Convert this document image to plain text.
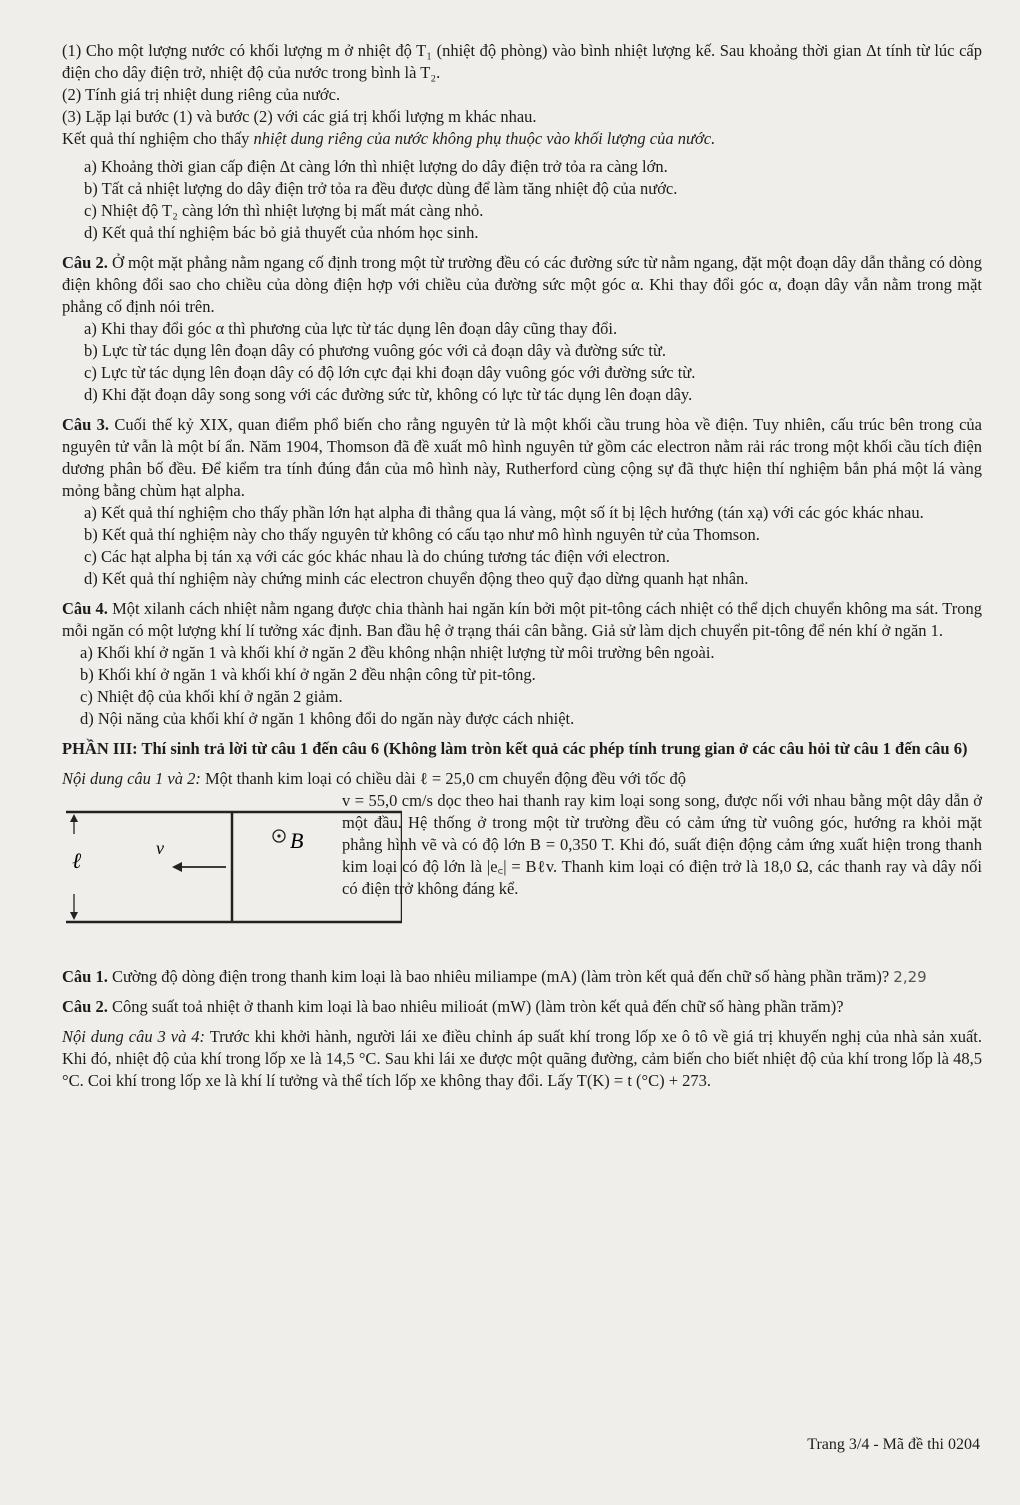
(1) Cho một lượng nước có khối lượng m ở nhiệt độ T₁ (nhiệt độ phòng) vào bình nhiệt lượng kế. Sau khoảng thời gian Δt tính từ lúc cấp điện cho dây điện trở, nhiệt độ của nước trong bình là T₂.

(2) Tính giá trị nhiệt dung riêng của nước.

(3) Lặp lại bước (1) và bước (2) với các giá trị khối lượng m khác nhau.

Kết quả thí nghiệm cho thấy nhiệt dung riêng của nước không phụ thuộc vào khối lượng của nước.

a) Khoảng thời gian cấp điện Δt càng lớn thì nhiệt lượng do dây điện trở tỏa ra càng lớn.

b) Tất cả nhiệt lượng do dây điện trở tỏa ra đều được dùng để làm tăng nhiệt độ của nước.

c) Nhiệt độ T₂ càng lớn thì nhiệt lượng bị mất mát càng nhỏ.

d) Kết quả thí nghiệm bác bỏ giả thuyết của nhóm học sinh.

Câu 2. Ở một mặt phẳng nằm ngang cố định trong một từ trường đều có các đường sức từ nằm ngang, đặt một đoạn dây dẫn thẳng có dòng điện không đổi sao cho chiều của dòng điện hợp với chiều của đường sức một góc α. Khi thay đổi góc α, đoạn dây vẫn nằm trong mặt phẳng cố định nói trên.

a) Khi thay đổi góc α thì phương của lực từ tác dụng lên đoạn dây cũng thay đổi.

b) Lực từ tác dụng lên đoạn dây có phương vuông góc với cả đoạn dây và đường sức từ.

c) Lực từ tác dụng lên đoạn dây có độ lớn cực đại khi đoạn dây vuông góc với đường sức từ.

d) Khi đặt đoạn dây song song với các đường sức từ, không có lực từ tác dụng lên đoạn dây.

Câu 3. Cuối thế kỷ XIX, quan điểm phổ biến cho rằng nguyên tử là một khối cầu trung hòa về điện. Tuy nhiên, cấu trúc bên trong của nguyên tử vẫn là một bí ẩn. Năm 1904, Thomson đã đề xuất mô hình nguyên tử gồm các electron nằm rải rác trong một khối cầu tích điện dương phân bố đều. Để kiểm tra tính đúng đắn của mô hình này, Rutherford cùng cộng sự đã thực hiện thí nghiệm bắn phá một lá vàng mỏng bằng chùm hạt alpha.

a) Kết quả thí nghiệm cho thấy phần lớn hạt alpha đi thẳng qua lá vàng, một số ít bị lệch hướng (tán xạ) với các góc khác nhau.

b) Kết quả thí nghiệm này cho thấy nguyên tử không có cấu tạo như mô hình nguyên tử của Thomson.

c) Các hạt alpha bị tán xạ với các góc khác nhau là do chúng tương tác điện với electron.

d) Kết quả thí nghiệm này chứng minh các electron chuyển động theo quỹ đạo dừng quanh hạt nhân.

Câu 4. Một xilanh cách nhiệt nằm ngang được chia thành hai ngăn kín bởi một pit-tông cách nhiệt có thể dịch chuyển không ma sát. Trong mỗi ngăn có một lượng khí lí tưởng xác định. Ban đầu hệ ở trạng thái cân bằng. Giả sử làm dịch chuyển pit-tông để nén khí ở ngăn 1.

a) Khối khí ở ngăn 1 và khối khí ở ngăn 2 đều không nhận nhiệt lượng từ môi trường bên ngoài.

b) Khối khí ở ngăn 1 và khối khí ở ngăn 2 đều nhận công từ pit-tông.

c) Nhiệt độ của khối khí ở ngăn 2 giảm.

d) Nội năng của khối khí ở ngăn 1 không đổi do ngăn này được cách nhiệt.

PHẦN III: Thí sinh trả lời từ câu 1 đến câu 6 (Không làm tròn kết quả các phép tính trung gian ở các câu hỏi từ câu 1 đến câu 6)

Nội dung câu 1 và 2: Một thanh kim loại có chiều dài ℓ = 25,0 cm chuyển động đều với tốc độ

ℓ	v⃗	B⃗

v = 55,0 cm/s dọc theo hai thanh ray kim loại song song, được nối với nhau bằng một dây dẫn ở một đầu. Hệ thống ở trong một từ trường đều có cảm ứng từ vuông góc, hướng ra khỏi mặt phẳng hình vẽ và có độ lớn B = 0,350 T. Khi đó, suất điện động cảm ứng xuất hiện trong thanh kim loại có độ lớn là |e꜀| = Bℓv. Thanh kim loại có điện trở là 18,0 Ω, các thanh ray và dây nối có điện trở không đáng kể.

Câu 1. Cường độ dòng điện trong thanh kim loại là bao nhiêu miliampe (mA) (làm tròn kết quả đến chữ số hàng phần trăm)? 2,29

Câu 2. Công suất toả nhiệt ở thanh kim loại là bao nhiêu milioát (mW) (làm tròn kết quả đến chữ số hàng phần trăm)?

Nội dung câu 3 và 4: Trước khi khởi hành, người lái xe điều chỉnh áp suất khí trong lốp xe ô tô về giá trị khuyến nghị của nhà sản xuất. Khi đó, nhiệt độ của khí trong lốp xe là 14,5 °C. Sau khi lái xe được một quãng đường, cảm biến cho biết nhiệt độ của khí trong lốp là 48,5 °C. Coi khí trong lốp xe là khí lí tưởng và thể tích lốp xe không thay đổi. Lấy T(K) = t (°C) + 273.

Trang 3/4 - Mã đề thi 0204
